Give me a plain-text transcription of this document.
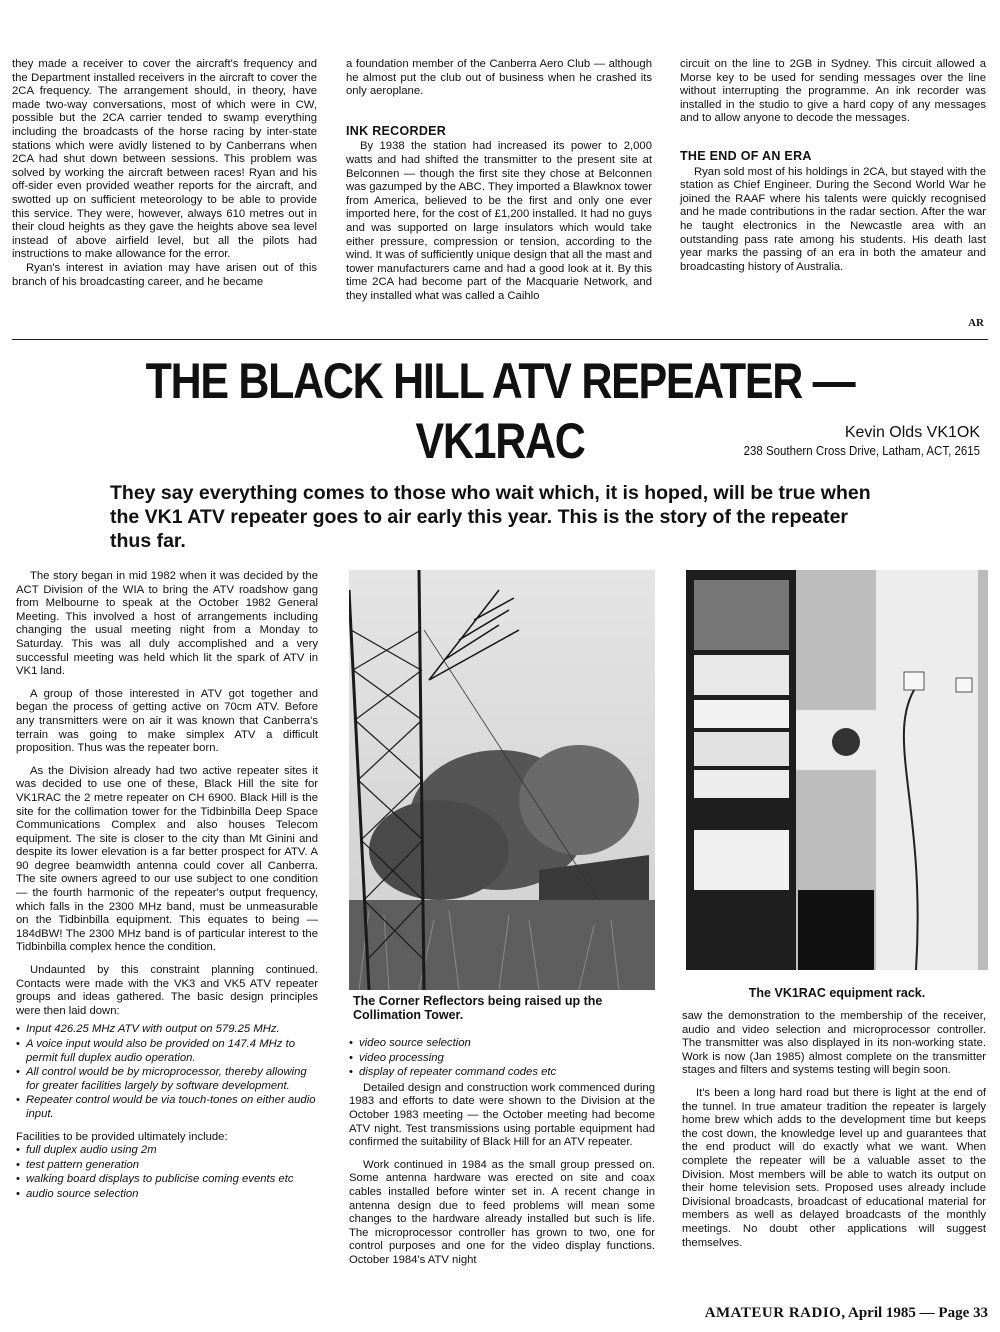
they made a receiver to cover the aircraft's frequency and the Department installed receivers in the aircraft to cover the 2CA frequency. The arrangement should, in theory, have made two-way conversations, most of which were in CW, possible but the 2CA carrier tended to swamp everything including the broadcasts of the horse racing by inter-state stations which were avidly listened to by Canberrans when 2CA had shut down between sessions. This problem was solved by working the aircraft between races! Ryan and his off-sider even provided weather reports for the aircraft, and swotted up on sufficient meteorology to be able to provide this service. They were, however, always 610 metres out in their cloud heights as they gave the heights above sea level instead of above airfield level, but all the pilots had instructions to make allowance for the error.

Ryan's interest in aviation may have arisen out of this branch of his broadcasting career, and he became

a foundation member of the Canberra Aero Club — although he almost put the club out of business when he crashed its only aeroplane.

INK RECORDER

By 1938 the station had increased its power to 2,000 watts and had shifted the transmitter to the present site at Belconnen — though the first site they chose at Belconnen was gazumped by the ABC. They imported a Blawknox tower from America, believed to be the first and only one ever imported here, for the cost of £1,200 installed. It had no guys and was supported on large insulators which would take either pressure, compression or tension, according to the wind. It was of sufficiently unique design that all the mast and tower manufacturers came and had a good look at it. By this time 2CA had become part of the Macquarie Network, and they installed what was called a Caihlo

circuit on the line to 2GB in Sydney. This circuit allowed a Morse key to be used for sending messages over the line without interrupting the programme. An ink recorder was installed in the studio to give a hard copy of any messages and to allow anyone to decode the messages.

THE END OF AN ERA

Ryan sold most of his holdings in 2CA, but stayed with the station as Chief Engineer. During the Second World War he joined the RAAF where his talents were quickly recognised and he made contributions in the radar section. After the war he taught electronics in the Newcastle area with an outstanding pass rate among his students. His death last year marks the passing of an era in both the amateur and broadcasting history of Australia.

AR
THE BLACK HILL ATV REPEATER —
VK1RAC	Kevin Olds VK1OK
238 Southern Cross Drive, Latham, ACT, 2615
They say everything comes to those who wait which, it is hoped, will be true when the VK1 ATV repeater goes to air early this year. This is the story of the repeater thus far.

The story began in mid 1982 when it was decided by the ACT Division of the WIA to bring the ATV roadshow gang from Melbourne to speak at the October 1982 General Meeting. This involved a host of arrangements including changing the usual meeting night from a Monday to Saturday. This was all duly accomplished and a very successful meeting was held which lit the spark of ATV in VK1 land.

A group of those interested in ATV got together and began the process of getting active on 70cm ATV. Before any transmitters were on air it was known that Canberra's terrain was going to make simplex ATV a difficult proposition. Thus was the repeater born.

As the Division already had two active repeater sites it was decided to use one of these, Black Hill the site for VK1RAC the 2 metre repeater on CH 6900. Black Hill is the site for the collimation tower for the Tidbinbilla Deep Space Communications Complex and also houses Telecom equipment. The site is closer to the city than Mt Ginini and despite its lower elevation is a far better prospect for ATV. A 90 degree beamwidth antenna could cover all Canberra. The site owners agreed to our use subject to one condition — the fourth harmonic of the repeater's output frequency, which falls in the 2300 MHz band, must be unmeasurable on the Tidbinbilla equipment. This equates to being — 184dBW! The 2300 MHz band is of particular interest to the Tidbinbilla complex hence the condition.

Undaunted by this constraint planning continued. Contacts were made with the VK3 and VK5 ATV repeater groups and ideas gathered. The basic design principles were then laid down:

• Input 426.25 MHz ATV with output on 579.25 MHz.
• A voice input would also be provided on 147.4 MHz to permit full duplex audio operation.
• All control would be by microprocessor, thereby allowing for greater facilities largely by software development.
• Repeater control would be via touch-tones on either audio input.

Facilities to be provided ultimately include:

• full duplex audio using 2m
• test pattern generation
• walking board displays to publicise coming events etc
• audio source selection
The Corner Reflectors being raised up the Collimation Tower.
The VK1RAC equipment rack.
• video source selection
• video processing
• display of repeater command codes etc

Detailed design and construction work commenced during 1983 and efforts to date were shown to the Division at the October 1983 meeting — the October meeting had become ATV night. Test transmissions using portable equipment had confirmed the suitability of Black Hill for an ATV repeater.

Work continued in 1984 as the small group pressed on. Some antenna hardware was erected on site and coax cables installed before winter set in. A recent change in antenna design due to feed problems will mean some changes to the hardware already installed but such is life. The microprocessor controller has grown to two, one for control purposes and one for the video display functions. October 1984's ATV night

saw the demonstration to the membership of the receiver, audio and video selection and microprocessor controller. The transmitter was also displayed in its non-working state. Work is now (Jan 1985) almost complete on the transmitter stages and filters and systems testing will begin soon.

It's been a long hard road but there is light at the end of the tunnel. In true amateur tradition the repeater is largely home brew which adds to the development time but keeps the cost down, the knowledge level up and guarantees that the end product will do exactly what we want. When complete the repeater will be a valuable asset to the Division. Most members will be able to watch its output on their home television sets. Proposed uses already include Divisional broadcasts, broadcast of educational material for members as well as delayed broadcasts of the monthly meetings. No doubt other applications will suggest themselves.

AMATEUR RADIO, April 1985 — Page 33
